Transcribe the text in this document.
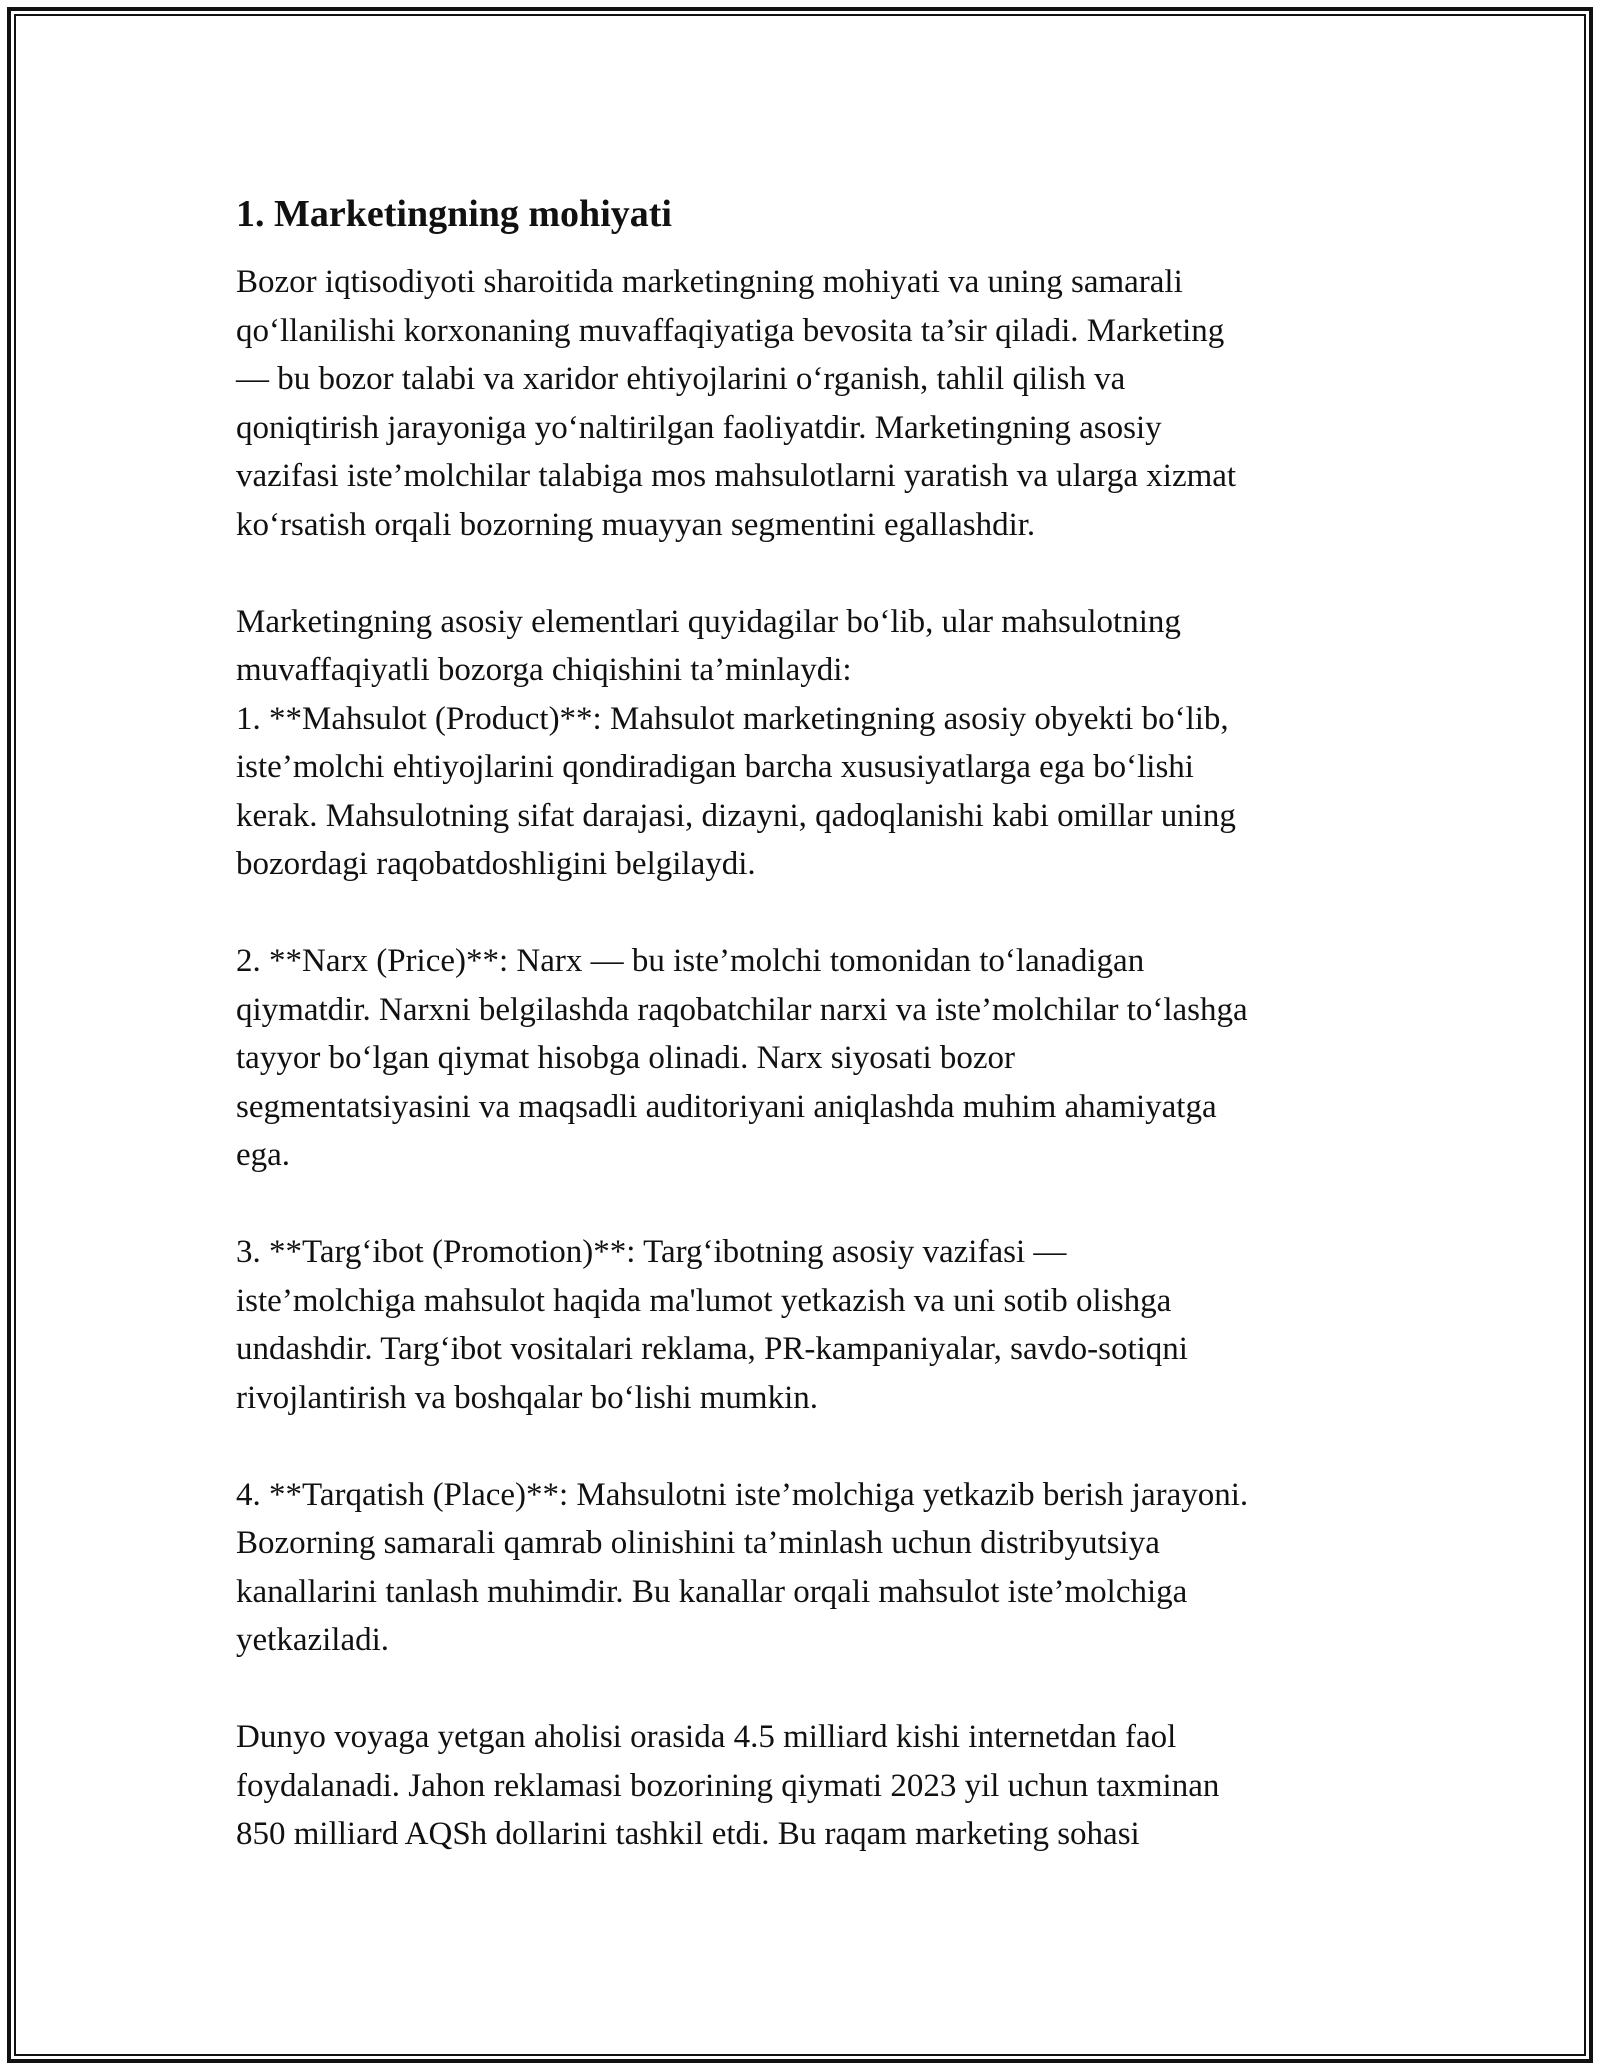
1. Marketingning mohiyati

Bozor iqtisodiyoti sharoitida marketingning mohiyati va uning samarali
qo‘llanilishi korxonaning muvaffaqiyatiga bevosita ta’sir qiladi. Marketing
— bu bozor talabi va xaridor ehtiyojlarini o‘rganish, tahlil qilish va
qoniqtirish jarayoniga yo‘naltirilgan faoliyatdir. Marketingning asosiy
vazifasi iste’molchilar talabiga mos mahsulotlarni yaratish va ularga xizmat
ko‘rsatish orqali bozorning muayyan segmentini egallashdir.

Marketingning asosiy elementlari quyidagilar bo‘lib, ular mahsulotning
muvaffaqiyatli bozorga chiqishini ta’minlaydi:
1. **Mahsulot (Product)**: Mahsulot marketingning asosiy obyekti bo‘lib,
iste’molchi ehtiyojlarini qondiradigan barcha xususiyatlarga ega bo‘lishi
kerak. Mahsulotning sifat darajasi, dizayni, qadoqlanishi kabi omillar uning
bozordagi raqobatdoshligini belgilaydi.

2. **Narx (Price)**: Narx — bu iste’molchi tomonidan to‘lanadigan
qiymatdir. Narxni belgilashda raqobatchilar narxi va iste’molchilar to‘lashga
tayyor bo‘lgan qiymat hisobga olinadi. Narx siyosati bozor
segmentatsiyasini va maqsadli auditoriyani aniqlashda muhim ahamiyatga
ega.

3. **Targ‘ibot (Promotion)**: Targ‘ibotning asosiy vazifasi —
iste’molchiga mahsulot haqida ma'lumot yetkazish va uni sotib olishga
undashdir. Targ‘ibot vositalari reklama, PR-kampaniyalar, savdo-sotiqni
rivojlantirish va boshqalar bo‘lishi mumkin.

4. **Tarqatish (Place)**: Mahsulotni iste’molchiga yetkazib berish jarayoni.
Bozorning samarali qamrab olinishini ta’minlash uchun distribyutsiya
kanallarini tanlash muhimdir. Bu kanallar orqali mahsulot iste’molchiga
yetkaziladi.

Dunyo voyaga yetgan aholisi orasida 4.5 milliard kishi internetdan faol
foydalanadi. Jahon reklamasi bozorining qiymati 2023 yil uchun taxminan
850 milliard AQSh dollarini tashkil etdi. Bu raqam marketing sohasi
